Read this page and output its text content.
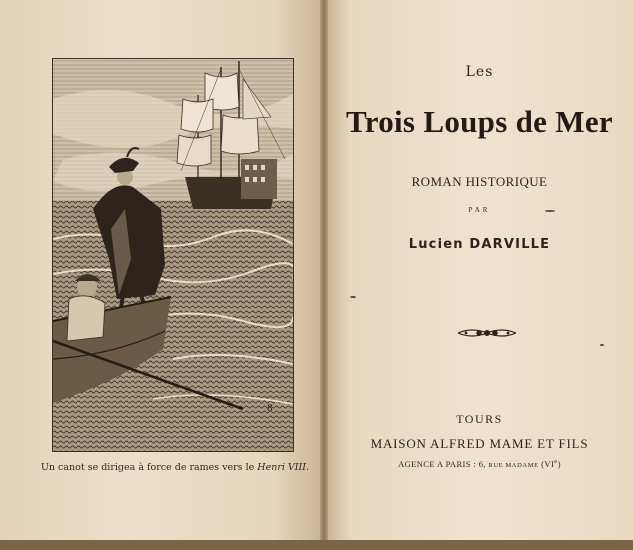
8
Un canot se dirigea à force de rames vers le Henri VIII.
Les
Trois Loups de Mer
ROMAN HISTORIQUE
PAR
Lucien DARVILLE
TOURS
MAISON ALFRED MAME ET FILS
AGENCE A PARIS : 6, RUE MADAME (VIe)
